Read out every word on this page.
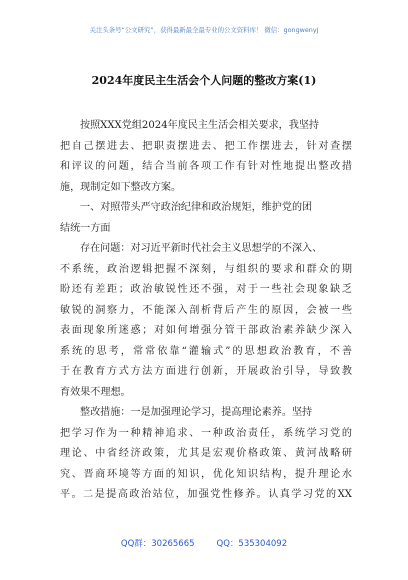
关注头条号“公文研究”，获得最新最全最专业的公文资料库！ 微信：gongwenyj
2024年度民主生活会个人问题的整改方案(1)
按照XXX党组2024年度民主生活会相关要求，我坚持
把自己摆进去、把职责摆进去、把工作摆进去，针对查摆
和评议的问题，结合当前各项工作有针对性地提出整改措
施，现制定如下整改方案。
一、对照带头严守政治纪律和政治规矩，维护党的团
结统一方面
存在问题：对习近平新时代社会主义思想学的不深入、
不系统，政治逻辑把握不深刻，与组织的要求和群众的期
盼还有差距；政治敏锐性还不强，对于一些社会现象缺乏
敏锐的洞察力，不能深入剖析背后产生的原因，会被一些
表面现象所迷惑；对如何增强分管干部政治素养缺少深入
系统的思考，常常依靠“灌输式”的思想政治教育，不善
于在教育方式方法方面进行创新，开展政治引导，导致教
育效果不理想。
整改措施：一是加强理论学习，提高理论素养。坚持
把学习作为一种精神追求、一种政治责任，系统学习党的
理论、中省经济政策，尤其是宏观价格政策、黄河战略研
究、晋商环境等方面的知识，优化知识结构，提升理论水
平。二是提高政治站位，加强党性修养。认真学习党的XX
QQ群：30265665	QQ：535304092
